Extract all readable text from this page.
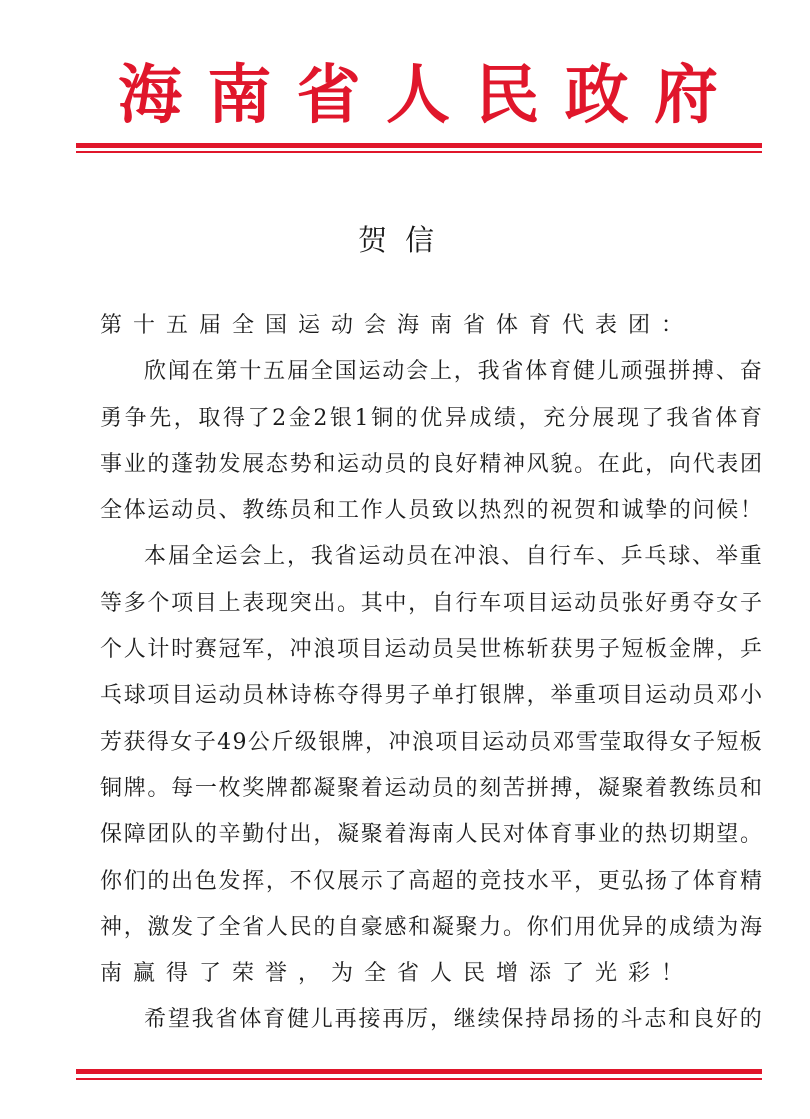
海 南 省 人 民 政 府
贺信
第十五届全国运动会海南省体育代表团：
欣 闻 在 第 十 五 届 全 国 运 动 会 上 ， 我 省 体 育 健 儿 顽 强 拼 搏 、 奋
勇 争 先 ， 取 得 了 2 金 2 银 1 铜 的 优 异 成 绩 ， 充 分 展 现 了 我 省 体 育
事 业 的 蓬 勃 发 展 态 势 和 运 动 员 的 良 好 精 神 风 貌 。 在 此 ， 向 代 表 团
全 体 运 动 员 、 教 练 员 和 工 作 人 员 致 以 热 烈 的 祝 贺 和 诚 挚 的 问 候 ！
本 届 全 运 会 上 ， 我 省 运 动 员 在 冲 浪 、 自 行 车 、 乒 乓 球 、 举 重
等 多 个 项 目 上 表 现 突 出 。 其 中 ， 自 行 车 项 目 运 动 员 张 好 勇 夺 女 子
个 人 计 时 赛 冠 军 ， 冲 浪 项 目 运 动 员 吴 世 栋 斩 获 男 子 短 板 金 牌 ， 乒
乓 球 项 目 运 动 员 林 诗 栋 夺 得 男 子 单 打 银 牌 ， 举 重 项 目 运 动 员 邓 小
芳 获 得 女 子 4 9 公 斤 级 银 牌 ， 冲 浪 项 目 运 动 员 邓 雪 莹 取 得 女 子 短 板
铜 牌 。 每 一 枚 奖 牌 都 凝 聚 着 运 动 员 的 刻 苦 拼 搏 ， 凝 聚 着 教 练 员 和
保 障 团 队 的 辛 勤 付 出 ， 凝 聚 着 海 南 人 民 对 体 育 事 业 的 热 切 期 望 。
你 们 的 出 色 发 挥 ， 不 仅 展 示 了 高 超 的 竞 技 水 平 ， 更 弘 扬 了 体 育 精
神 ， 激 发 了 全 省 人 民 的 自 豪 感 和 凝 聚 力 。 你 们 用 优 异 的 成 绩 为 海
南赢得了荣誉，为全省人民增添了光彩！
希 望 我 省 体 育 健 儿 再 接 再 厉 ， 继 续 保 持 昂 扬 的 斗 志 和 良 好 的
